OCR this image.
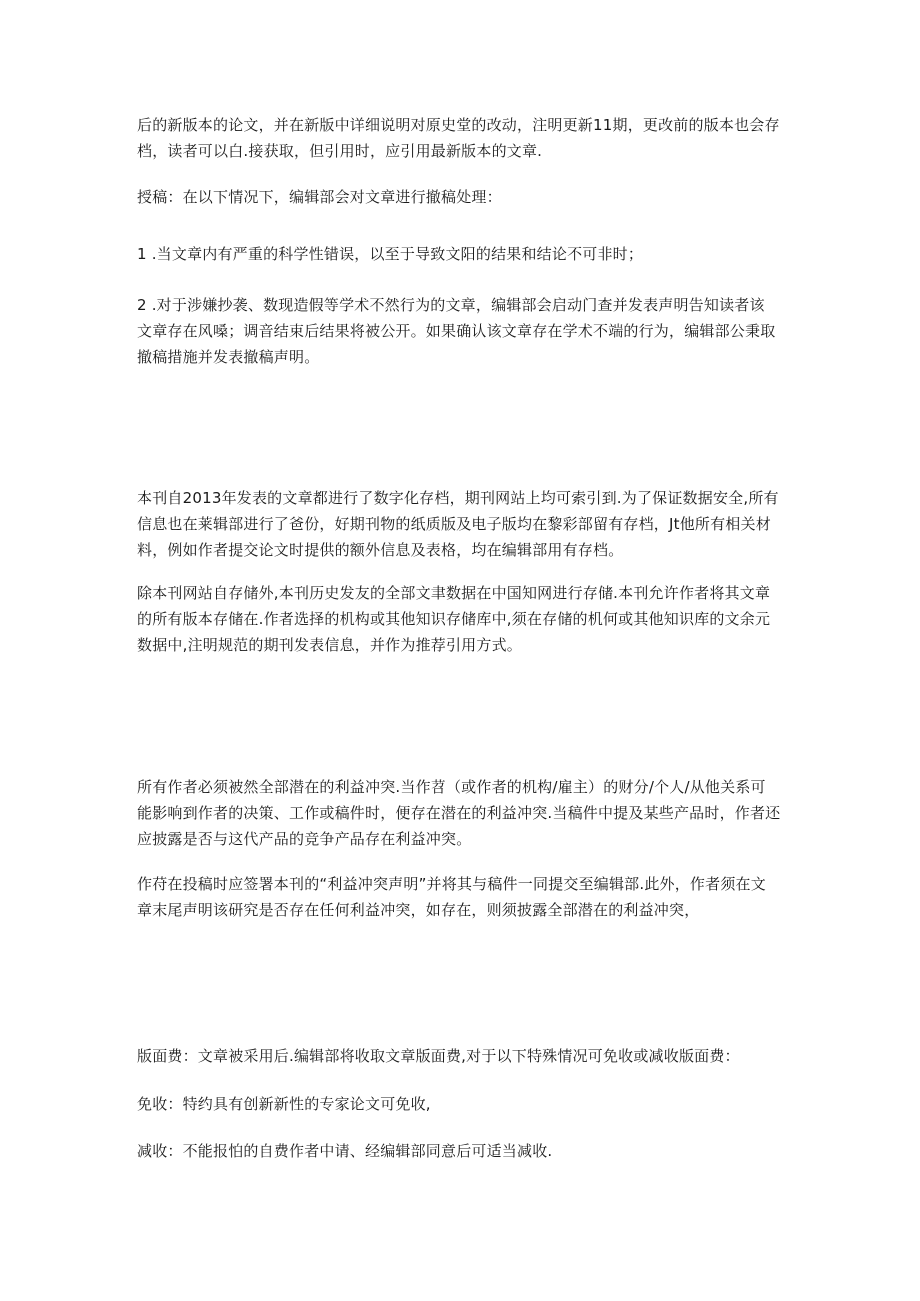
后的新版本的论文，并在新版中详细说明对原史堂的改动，注明更新11期，更改前的版本也会存
档，读者可以白.接获取，但引用时，应引用最新版本的文章.
授稿：在以下情况下，编辑部会对文章进行撤稿处理：
1 .当文章内有严重的科学性错误，以至于导致文阳的结果和结论不可非时；
2 .对于涉嫌抄袭、数现造假等学术不然行为的文章，编辑部会启动门查并发表声明告知读者该
文章存在风嗓；调音结束后结果将被公开。如果确认该文章存在学术不端的行为，编辑部公秉取
撤稿措施并发表撤稿声明。
本刊自2013年发表的文章都进行了数字化存档，期刊网站上均可索引到.为了保证数据安全,所有
信息也在莱辑部进行了爸份，好期刊物的纸质版及电子版均在黎彩部留有存档，Jt他所有相关材
料，例如作者提交论文时提供的额外信息及表格，均在编辑部用有存档。
除本刊网站自存储外,本刊历史发友的全部文聿数据在中国知网进行存储.本刊允许作者将其文章
的所有版本存储在.作者选择的机构或其他知识存储库中,须在存储的机何或其他知识库的文余元
数据中,注明规范的期刊发表信息，并作为推荐引用方式。
所有作者必须被然全部潜在的利益冲突.当作苕（或作者的机构/雇主）的财分/个人/从他关系可
能影响到作者的决策、工作或稿件时，便存在潜在的利益冲突.当稿件中提及某些产品时，作者还
应披露是否与这代产品的竞争产品存在利益冲突。
作苻在投稿时应签署本刊的“利益冲突声明”并将其与稿件一同提交至编辑部.此外，作者须在文
章末尾声明该研究是否存在任何利益冲突，如存在，则须披露全部潜在的利益冲突，
版面费：文章被采用后.编辑部将收取文章版面费,对于以下特殊情况可免收或减收版面费：
免收：特约具有创新新性的专家论文可免收,
减收：不能报怕的自费作者中请、经编辑部同意后可适当减收.
